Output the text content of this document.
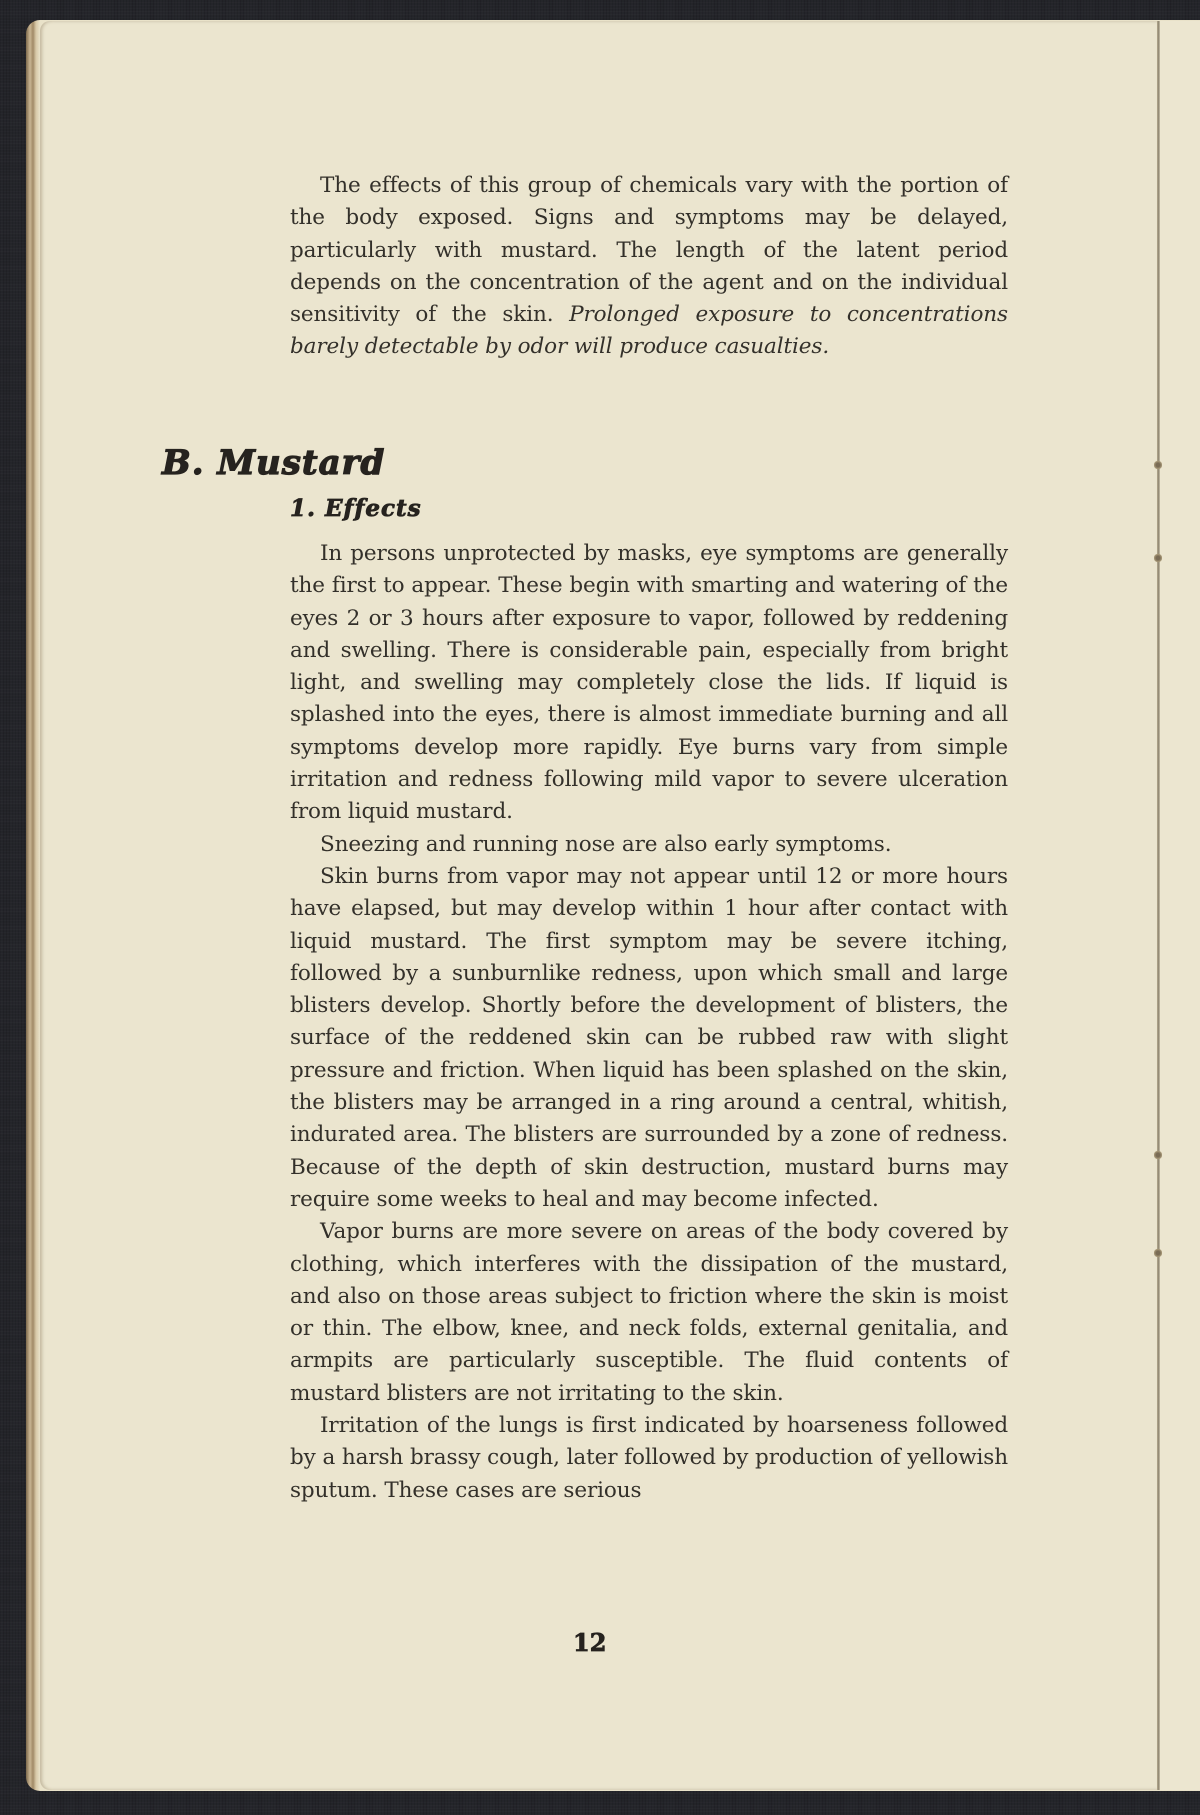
The effects of this group of chemicals vary with the portion of the body exposed. Signs and symptoms may be delayed, particularly with mustard. The length of the latent period depends on the concentration of the agent and on the individual sensitivity of the skin. Prolonged exposure to concentrations barely detectable by odor will produce casualties.

B. Mustard
1. Effects

In persons unprotected by masks, eye symptoms are generally the first to appear. These begin with smarting and watering of the eyes 2 or 3 hours after exposure to vapor, followed by reddening and swelling. There is considerable pain, especially from bright light, and swelling may completely close the lids. If liquid is splashed into the eyes, there is almost immediate burning and all symptoms develop more rapidly. Eye burns vary from simple irritation and redness following mild vapor to severe ulceration from liquid mustard.

Sneezing and running nose are also early symptoms.

Skin burns from vapor may not appear until 12 or more hours have elapsed, but may develop within 1 hour after contact with liquid mustard. The first symptom may be severe itching, followed by a sunburnlike redness, upon which small and large blisters develop. Shortly before the development of blisters, the surface of the reddened skin can be rubbed raw with slight pressure and friction. When liquid has been splashed on the skin, the blisters may be arranged in a ring around a central, whitish, indurated area. The blisters are surrounded by a zone of redness. Because of the depth of skin destruction, mustard burns may require some weeks to heal and may become infected.

Vapor burns are more severe on areas of the body covered by clothing, which interferes with the dissipation of the mustard, and also on those areas subject to friction where the skin is moist or thin. The elbow, knee, and neck folds, external genitalia, and armpits are particularly susceptible. The fluid contents of mustard blisters are not irritating to the skin.

Irritation of the lungs is first indicated by hoarseness followed by a harsh brassy cough, later followed by production of yellowish sputum. These cases are serious

12
